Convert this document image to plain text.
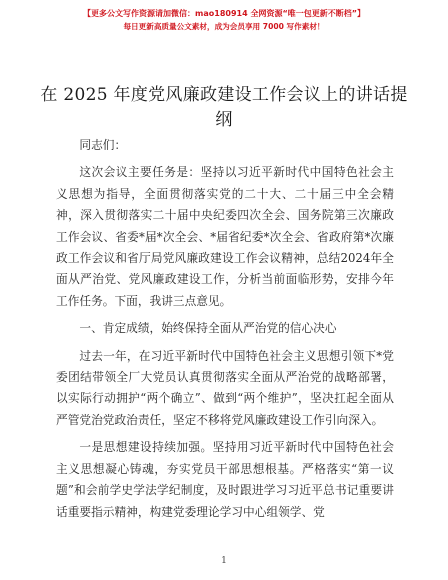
【更多公文写作资源请加微信：mao180914 全网资源“唯一包更新不断档”】
每日更新高质量公文素材，成为会员享用 7000 写作素材！
在 2025 年度党风廉政建设工作会议上的讲话提纲

同志们：

这次会议主要任务是：坚持以习近平新时代中国特色社会主义思想为指导，全面贯彻落实党的二十大、二十届三中全会精神，深入贯彻落实二十届中央纪委四次全会、国务院第三次廉政工作会议、省委*届*次全会、*届省纪委*次全会、省政府第*次廉政工作会议和省厅局党风廉政建设工作会议精神，总结2024年全面从严治党、党风廉政建设工作，分析当前面临形势，安排今年工作任务。下面，我讲三点意见。

一、肯定成绩，始终保持全面从严治党的信心决心

过去一年，在习近平新时代中国特色社会主义思想引领下*党委团结带领全厂大党员认真贯彻落实全面从严治党的战略部署，以实际行动拥护“两个确立”、做到“两个维护”，坚决扛起全面从严管党治党政治责任，坚定不移将党风廉政建设工作引向深入。

一是思想建设持续加强。坚持用习近平新时代中国特色社会主义思想凝心铸魂，夯实党员干部思想根基。严格落实“第一议题”和会前学史学法学纪制度，及时跟进学习习近平总书记重要讲话重要指示精神，构建党委理论学习中心组领学、党

1
